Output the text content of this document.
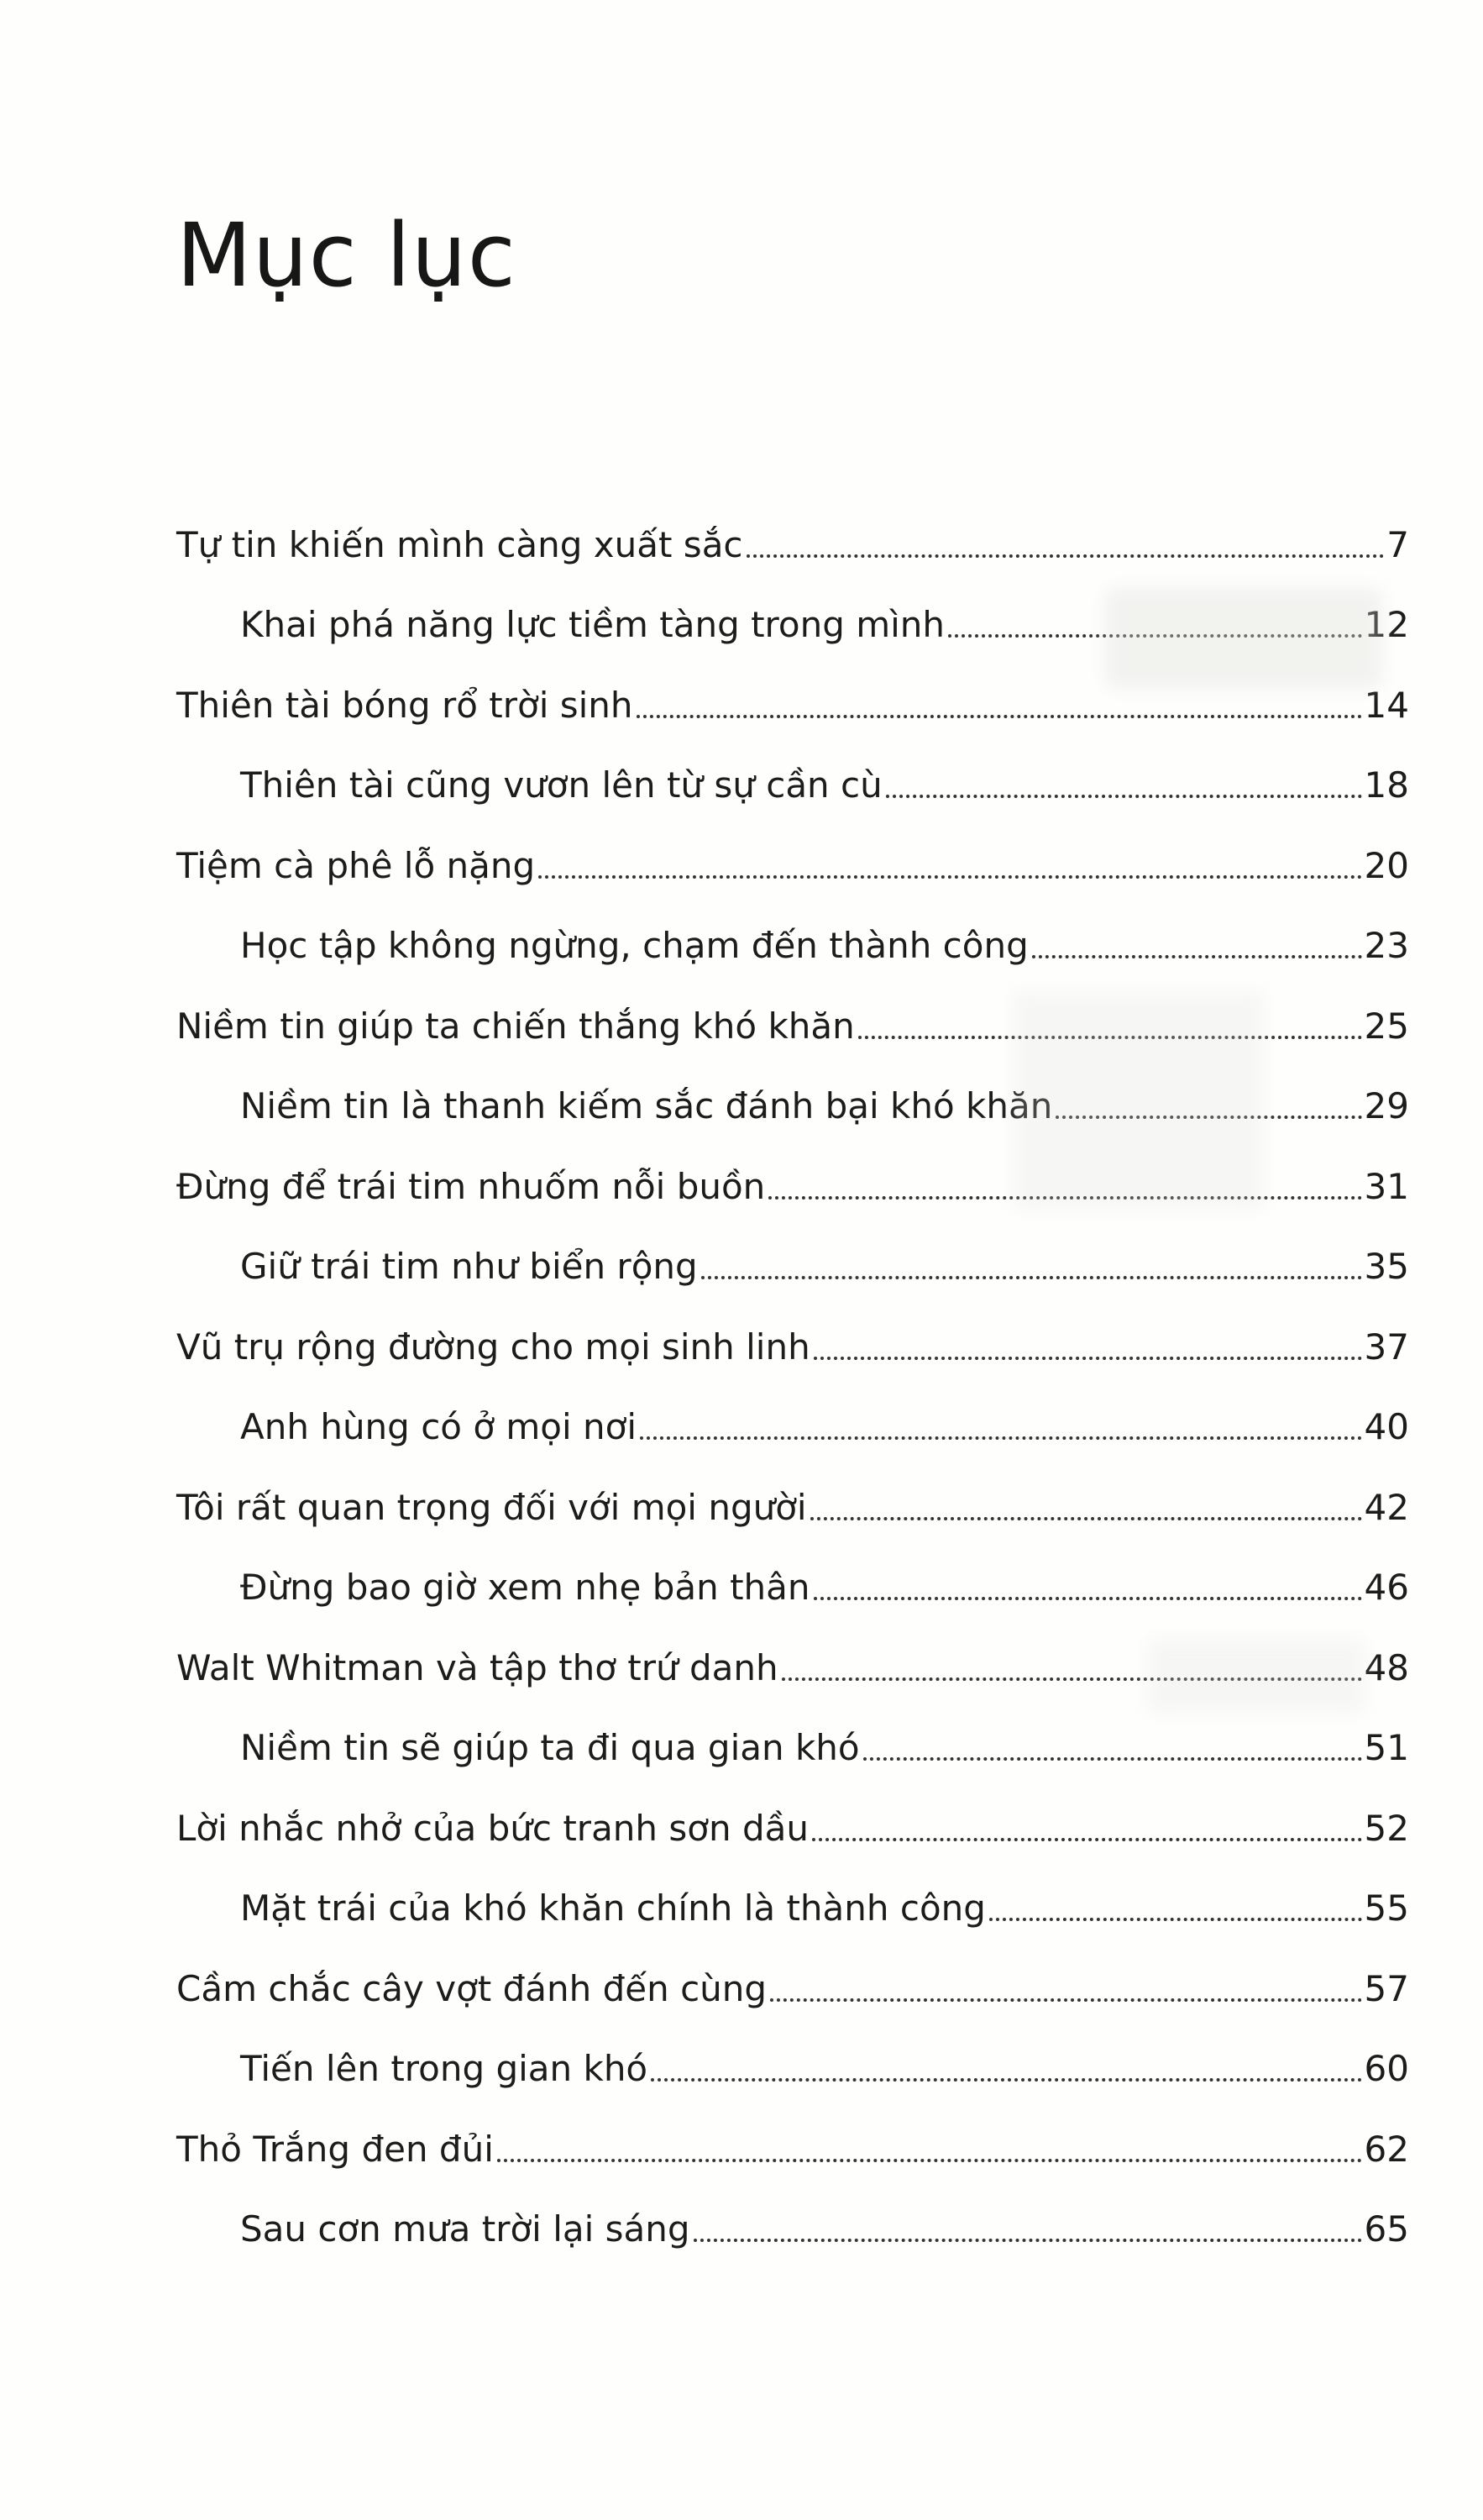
Mục lục
Tự tin khiến mình càng xuất sắc	7
Khai phá năng lực tiềm tàng trong mình	12
Thiên tài bóng rổ trời sinh	14
Thiên tài cũng vươn lên từ sự cần cù	18
Tiệm cà phê lỗ nặng	20
Học tập không ngừng, chạm đến thành công	23
Niềm tin giúp ta chiến thắng khó khăn	25
Niềm tin là thanh kiếm sắc đánh bại khó khăn	29
Đừng để trái tim nhuốm nỗi buồn	31
Giữ trái tim như biển rộng	35
Vũ trụ rộng đường cho mọi sinh linh	37
Anh hùng có ở mọi nơi	40
Tôi rất quan trọng đối với mọi người	42
Đừng bao giờ xem nhẹ bản thân	46
Walt Whitman và tập thơ trứ danh	48
Niềm tin sẽ giúp ta đi qua gian khó	51
Lời nhắc nhở của bức tranh sơn dầu	52
Mặt trái của khó khăn chính là thành công	55
Cầm chắc cây vợt đánh đến cùng	57
Tiến lên trong gian khó	60
Thỏ Trắng đen đủi	62
Sau cơn mưa trời lại sáng	65
